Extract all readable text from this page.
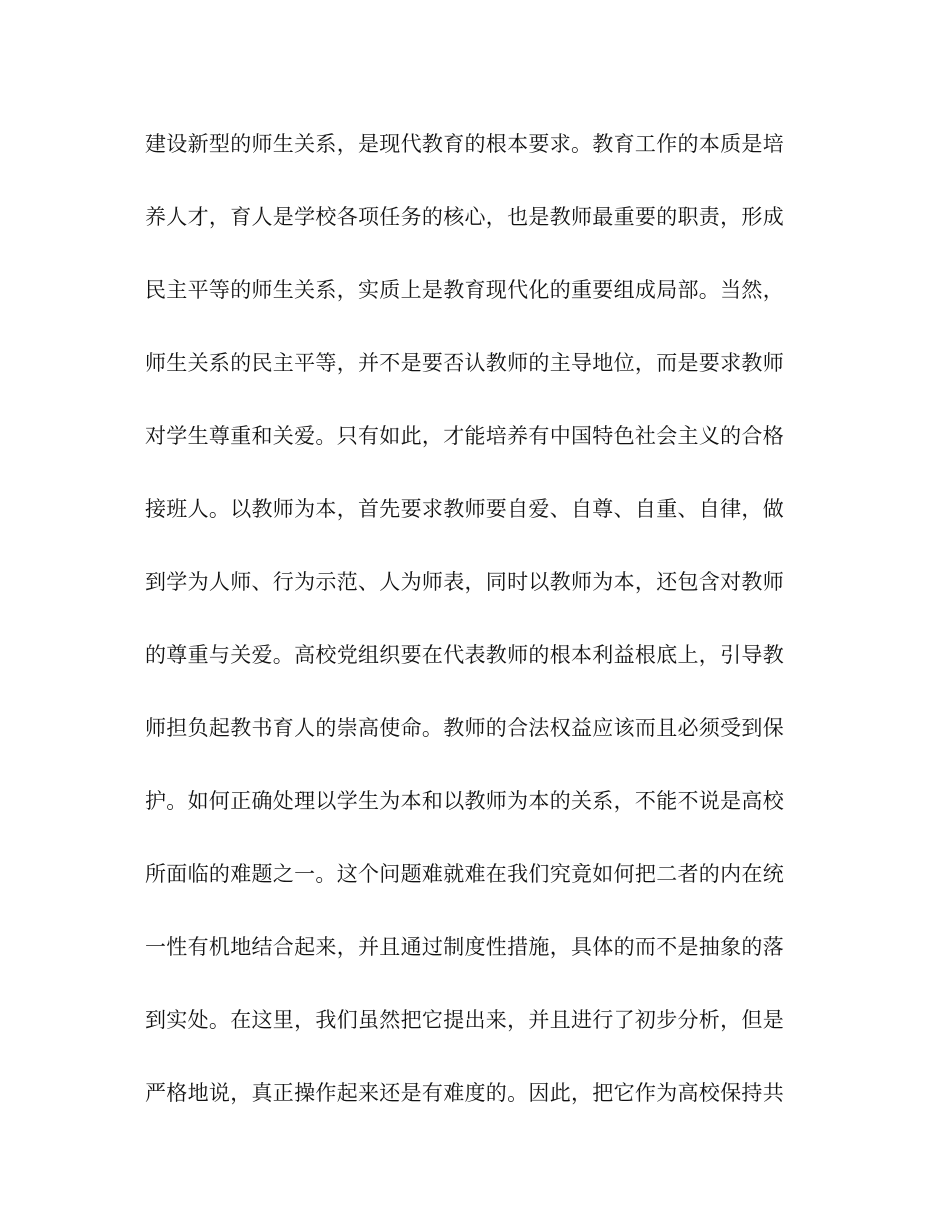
建设新型的师生关系，是现代教育的根本要求。教育工作的本质是培
养人才，育人是学校各项任务的核心，也是教师最重要的职责，形成
民主平等的师生关系，实质上是教育现代化的重要组成局部。当然，
师生关系的民主平等，并不是要否认教师的主导地位，而是要求教师
对学生尊重和关爱。只有如此，才能培养有中国特色社会主义的合格
接班人。以教师为本，首先要求教师要自爱、自尊、自重、自律，做
到学为人师、行为示范、人为师表，同时以教师为本，还包含对教师
的尊重与关爱。高校党组织要在代表教师的根本利益根底上，引导教
师担负起教书育人的崇高使命。教师的合法权益应该而且必须受到保
护。如何正确处理以学生为本和以教师为本的关系，不能不说是高校
所面临的难题之一。这个问题难就难在我们究竟如何把二者的内在统
一性有机地结合起来，并且通过制度性措施，具体的而不是抽象的落
到实处。在这里，我们虽然把它提出来，并且进行了初步分析，但是
严格地说，真正操作起来还是有难度的。因此，把它作为高校保持共
